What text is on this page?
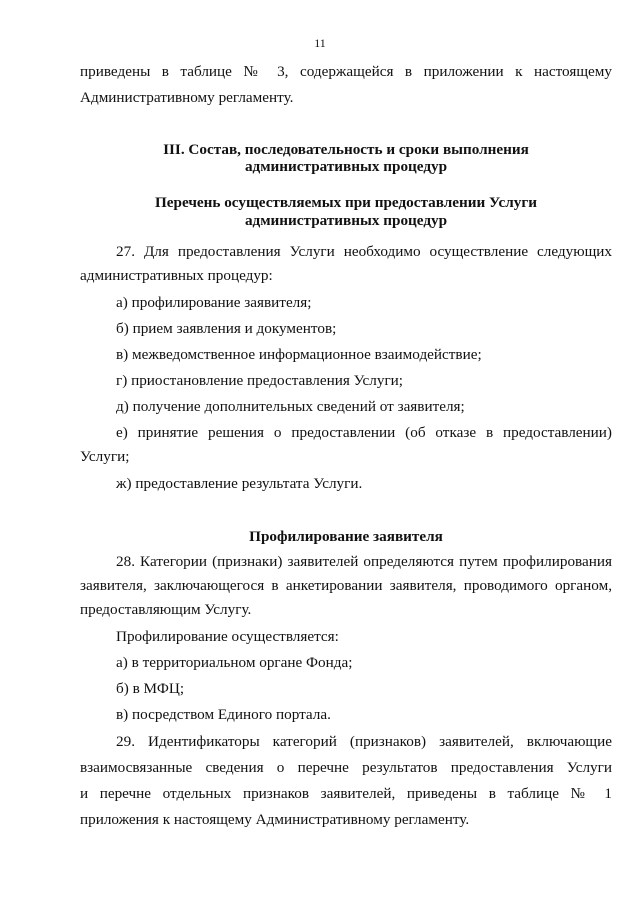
11

приведены в таблице № 3, содержащейся в приложении к настоящему

Административному регламенту.

III. Состав, последовательность и сроки выполнения

административных процедур

Перечень осуществляемых при предоставлении Услуги

административных процедур

27. Для предоставления Услуги необходимо осуществление следующих

административных процедур:

а) профилирование заявителя;

б) прием заявления и документов;

в) межведомственное информационное взаимодействие;

г) приостановление предоставления Услуги;

д) получение дополнительных сведений от заявителя;

е) принятие решения о предоставлении (об отказе в предоставлении)

Услуги;

ж) предоставление результата Услуги.

Профилирование заявителя

28. Категории (признаки) заявителей определяются путем профилирования

заявителя, заключающегося в анкетировании заявителя, проводимого органом,

предоставляющим Услугу.

Профилирование осуществляется:

а) в территориальном органе Фонда;

б) в МФЦ;

в) посредством Единого портала.

29. Идентификаторы категорий (признаков) заявителей, включающие

взаимосвязанные сведения о перечне результатов предоставления Услуги

и перечне отдельных признаков заявителей, приведены в таблице № 1

приложения к настоящему Административному регламенту.
